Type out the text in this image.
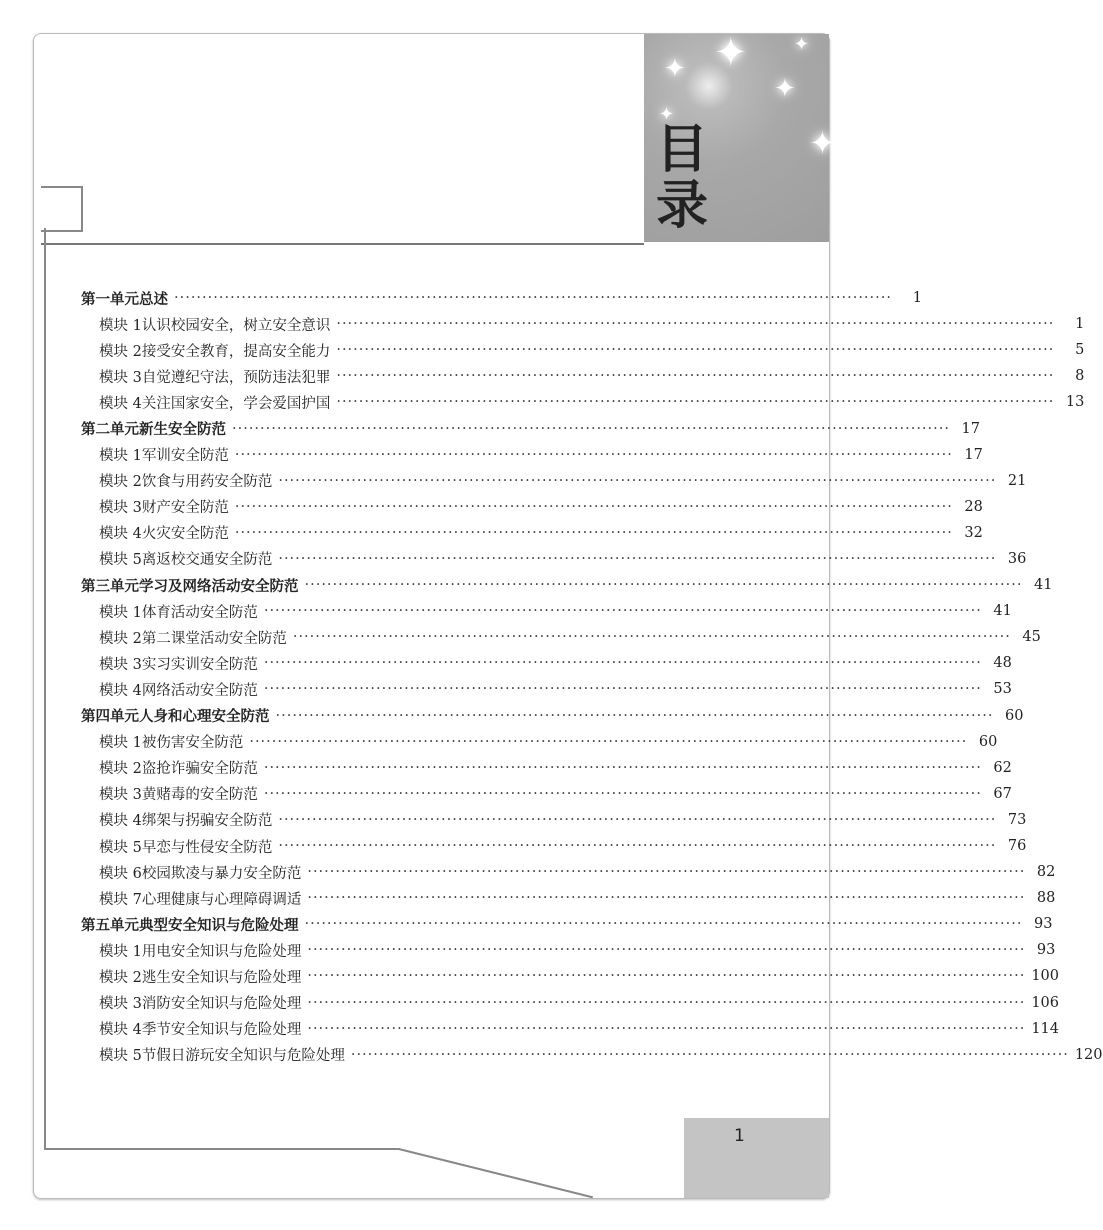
✦ ✦
✦
✦
✦
✦
目录
1
第一单元 总述 ·····	1
模块 1 认识校园安全，树立安全意识 ·····	1
模块 2 接受安全教育，提高安全能力 ·····	5
模块 3 自觉遵纪守法，预防违法犯罪 ·····	8
模块 4 关注国家安全，学会爱国护国 ·····	13
第二单元 新生安全防范 ·····	17
模块 1 军训安全防范 ·····	17
模块 2 饮食与用药安全防范 ·····	21
模块 3 财产安全防范 ·····	28
模块 4 火灾安全防范 ·····	32
模块 5 离返校交通安全防范 ·····	36
第三单元 学习及网络活动安全防范 ·····	41
模块 1 体育活动安全防范 ·····	41
模块 2 第二课堂活动安全防范 ·····	45
模块 3 实习实训安全防范 ·····	48
模块 4 网络活动安全防范 ·····	53
第四单元 人身和心理安全防范 ·····	60
模块 1 被伤害安全防范 ·····	60
模块 2 盗抢诈骗安全防范 ·····	62
模块 3 黄赌毒的安全防范 ·····	67
模块 4 绑架与拐骗安全防范 ·····	73
模块 5 早恋与性侵安全防范 ·····	76
模块 6 校园欺凌与暴力安全防范 ·····	82
模块 7 心理健康与心理障碍调适 ·····	88
第五单元 典型安全知识与危险处理 ·····	93
模块 1 用电安全知识与危险处理 ·····	93
模块 2 逃生安全知识与危险处理 ·····	100
模块 3 消防安全知识与危险处理 ·····	106
模块 4 季节安全知识与危险处理 ·····	114
模块 5 节假日游玩安全知识与危险处理 ·····	120
